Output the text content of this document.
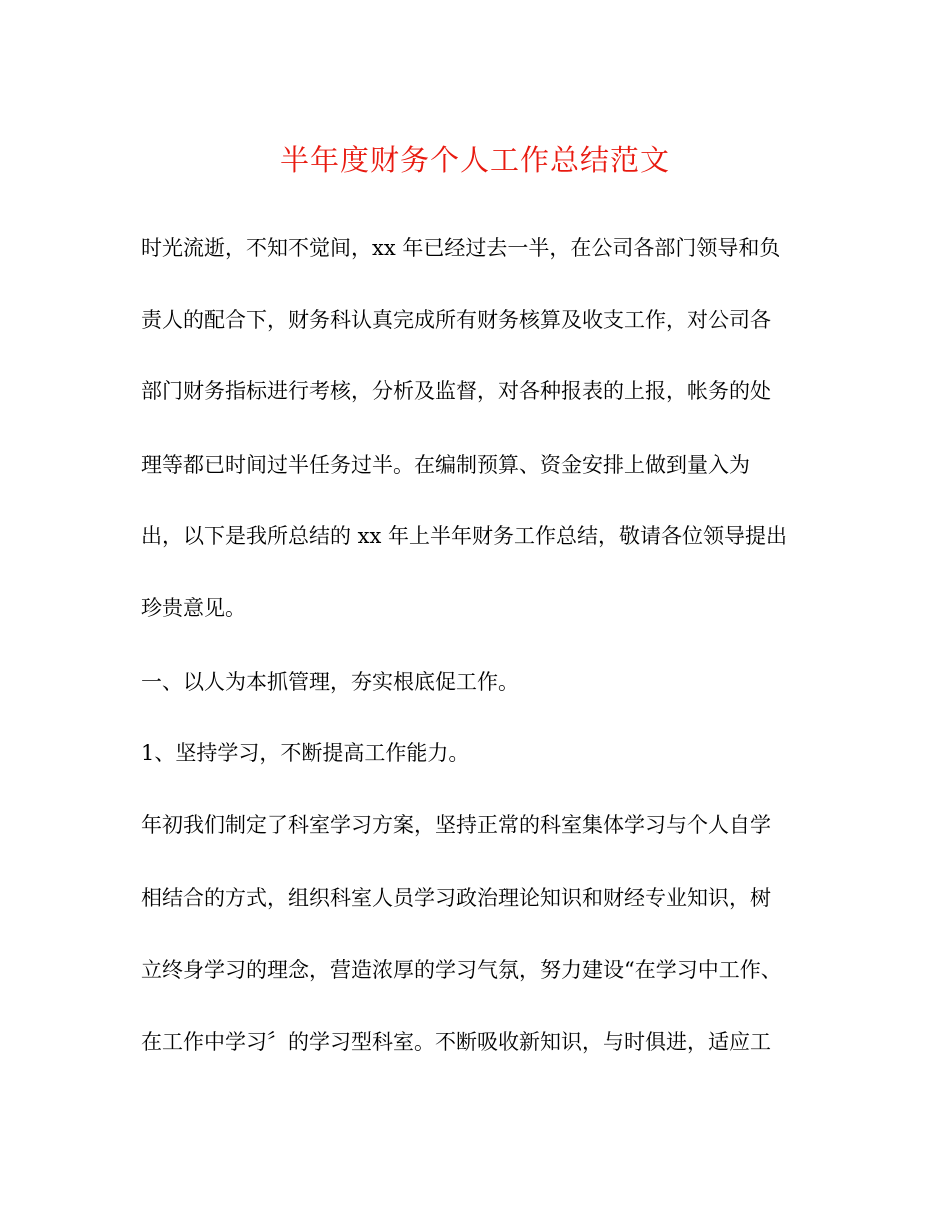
半年度财务个人工作总结范文
时光流逝，不知不觉间，xx 年已经过去一半，在公司各部门领导和负
责人的配合下，财务科认真完成所有财务核算及收支工作，对公司各
部门财务指标进行考核，分析及监督，对各种报表的上报，帐务的处
理等都已时间过半任务过半。在编制预算、资金安排上做到量入为
出，以下是我所总结的 xx 年上半年财务工作总结，敬请各位领导提出
珍贵意见。
一、以人为本抓管理，夯实根底促工作。
1、坚持学习，不断提高工作能力。
年初我们制定了科室学习方案，坚持正常的科室集体学习与个人自学
相结合的方式，组织科室人员学习政治理论知识和财经专业知识，树
立终身学习的理念，营造浓厚的学习气氛，努力建设“在学习中工作、
在工作中学习〞的学习型科室。不断吸收新知识，与时俱进，适应工
